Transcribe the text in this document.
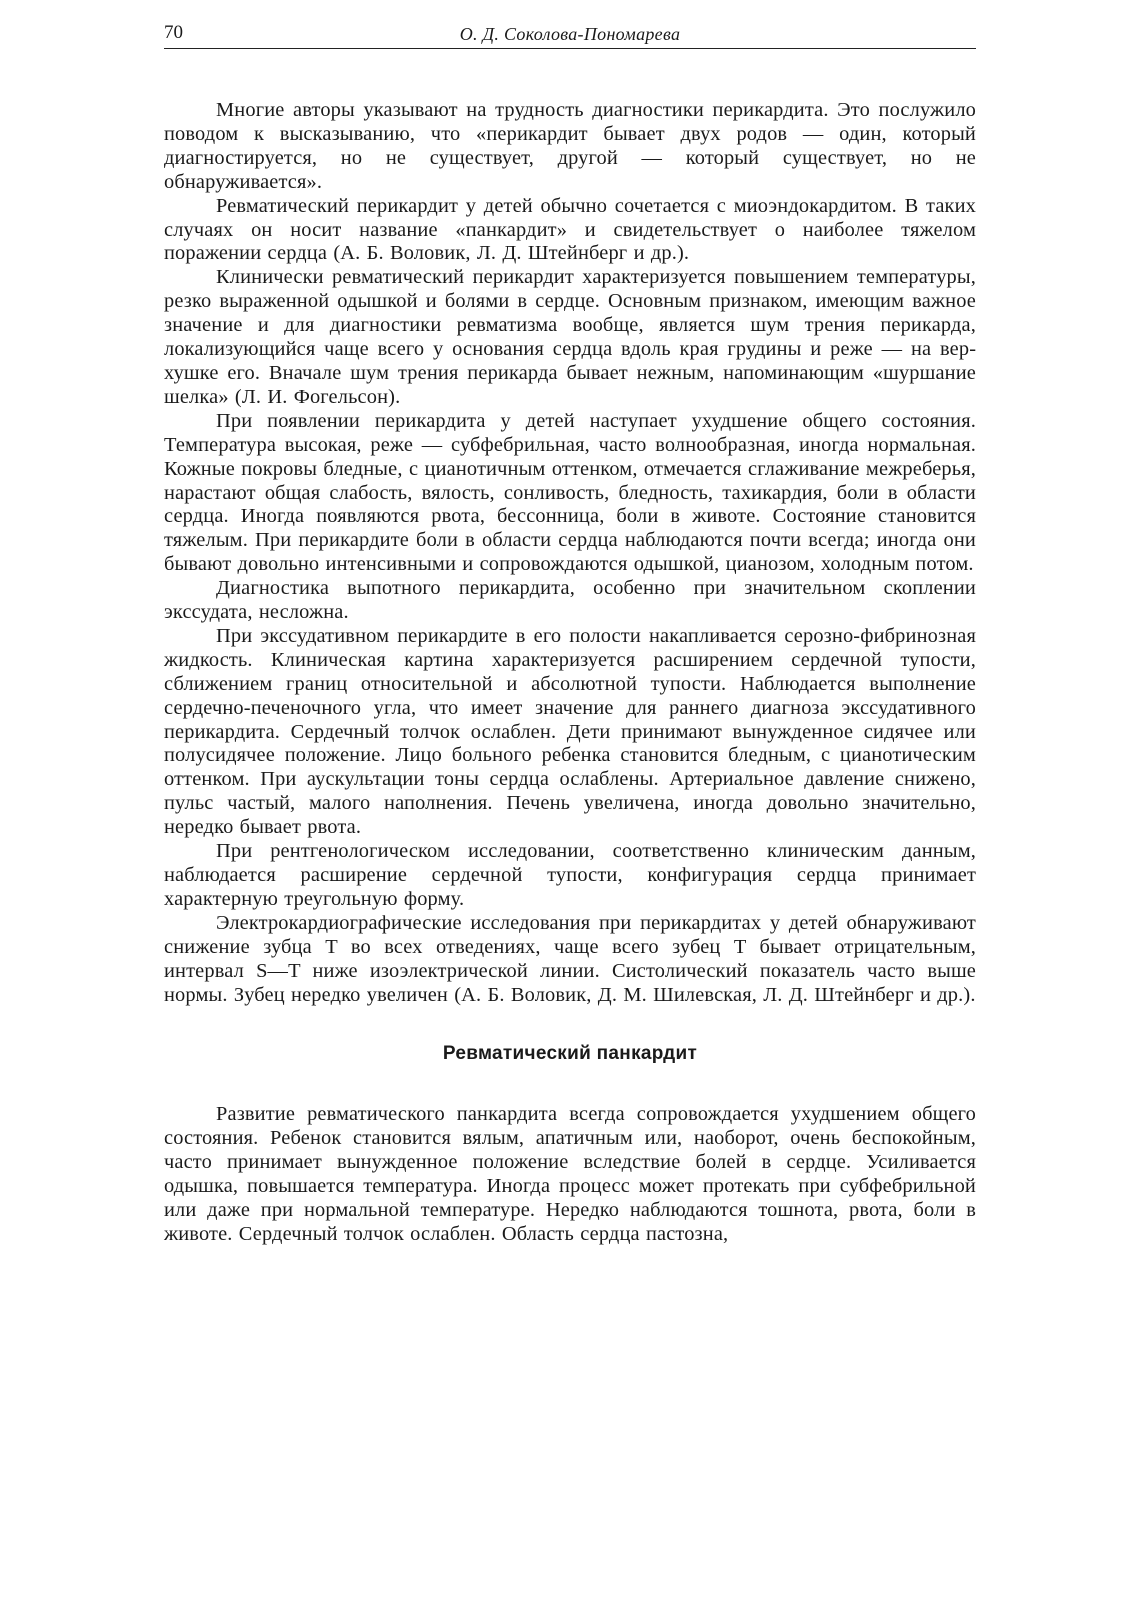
70	О. Д. Соколова-Пономарева

Многие авторы указывают на трудность диагностики перикардита. Это послужило поводом к высказыванию, что «перикардит бывает двух родов — один, который диагностируется, но не существует, другой — который существует, но не обнаруживается».

Ревматический перикардит у детей обычно сочетается с миоэндокардитом. В таких случаях он носит название «панкардит» и свидетельствует о наиболее тяжелом поражении сердца (А. Б. Воловик, Л. Д. Штейнберг и др.).

Клинически ревматический перикардит характеризуется повышением температуры, резко выраженной одышкой и болями в сердце. Основным признаком, имеющим важное значение и для диагностики ревматизма вообще, является шум трения перикарда, локализующийся чаще всего у основания сердца вдоль края грудины и реже — на верхушке его. Вначале шум трения перикарда бывает нежным, напоминающим «шуршание шелка» (Л. И. Фогельсон).

При появлении перикардита у детей наступает ухудшение общего состояния. Температура высокая, реже — субфебрильная, часто волнообразная, иногда нормальная. Кожные покровы бледные, с цианотичным оттенком, отмечается сглаживание межреберья, нарастают общая слабость, вялость, сонливость, бледность, тахикардия, боли в области сердца. Иногда появляются рвота, бессонница, боли в животе. Состояние становится тяжелым. При перикардите боли в области сердца наблюдаются почти всегда; иногда они бывают довольно интенсивными и сопровождаются одышкой, цианозом, холодным потом.

Диагностика выпотного перикардита, особенно при значительном скоплении экссудата, несложна.

При экссудативном перикардите в его полости накапливается серозно-фибринозная жидкость. Клиническая картина характеризуется расширением сердечной тупости, сближением границ относительной и абсолютной тупости. Наблюдается выполнение сердечно-печеночного угла, что имеет значение для раннего диагноза экссудативного перикардита. Сердечный толчок ослаблен. Дети принимают вынужденное сидячее или полусидячее положение. Лицо больного ребенка становится бледным, с цианотическим оттенком. При аускультации тоны сердца ослаблены. Артериальное давление снижено, пульс частый, малого наполнения. Печень увеличена, иногда довольно значительно, нередко бывает рвота.

При рентгенологическом исследовании, соответственно клиническим данным, наблюдается расширение сердечной тупости, конфигурация сердца принимает характерную треугольную форму.

Электрокардиографические исследования при перикардитах у детей обнаруживают снижение зубца T во всех отведениях, чаще всего зубец T бывает отрицательным, интервал S—T ниже изоэлектрической линии. Систолический показатель часто выше нормы. Зубец нередко увеличен (А. Б. Воловик, Д. М. Шилевская, Л. Д. Штейнберг и др.).

Ревматический панкардит

Развитие ревматического панкардита всегда сопровождается ухудшением общего состояния. Ребенок становится вялым, апатичным или, наоборот, очень беспокойным, часто принимает вынужденное положение вследствие болей в сердце. Усиливается одышка, повышается температура. Иногда процесс может протекать при субфебрильной или даже при нормальной температуре. Нередко наблюдаются тошнота, рвота, боли в животе. Сердечный толчок ослаблен. Область сердца пастозна,
